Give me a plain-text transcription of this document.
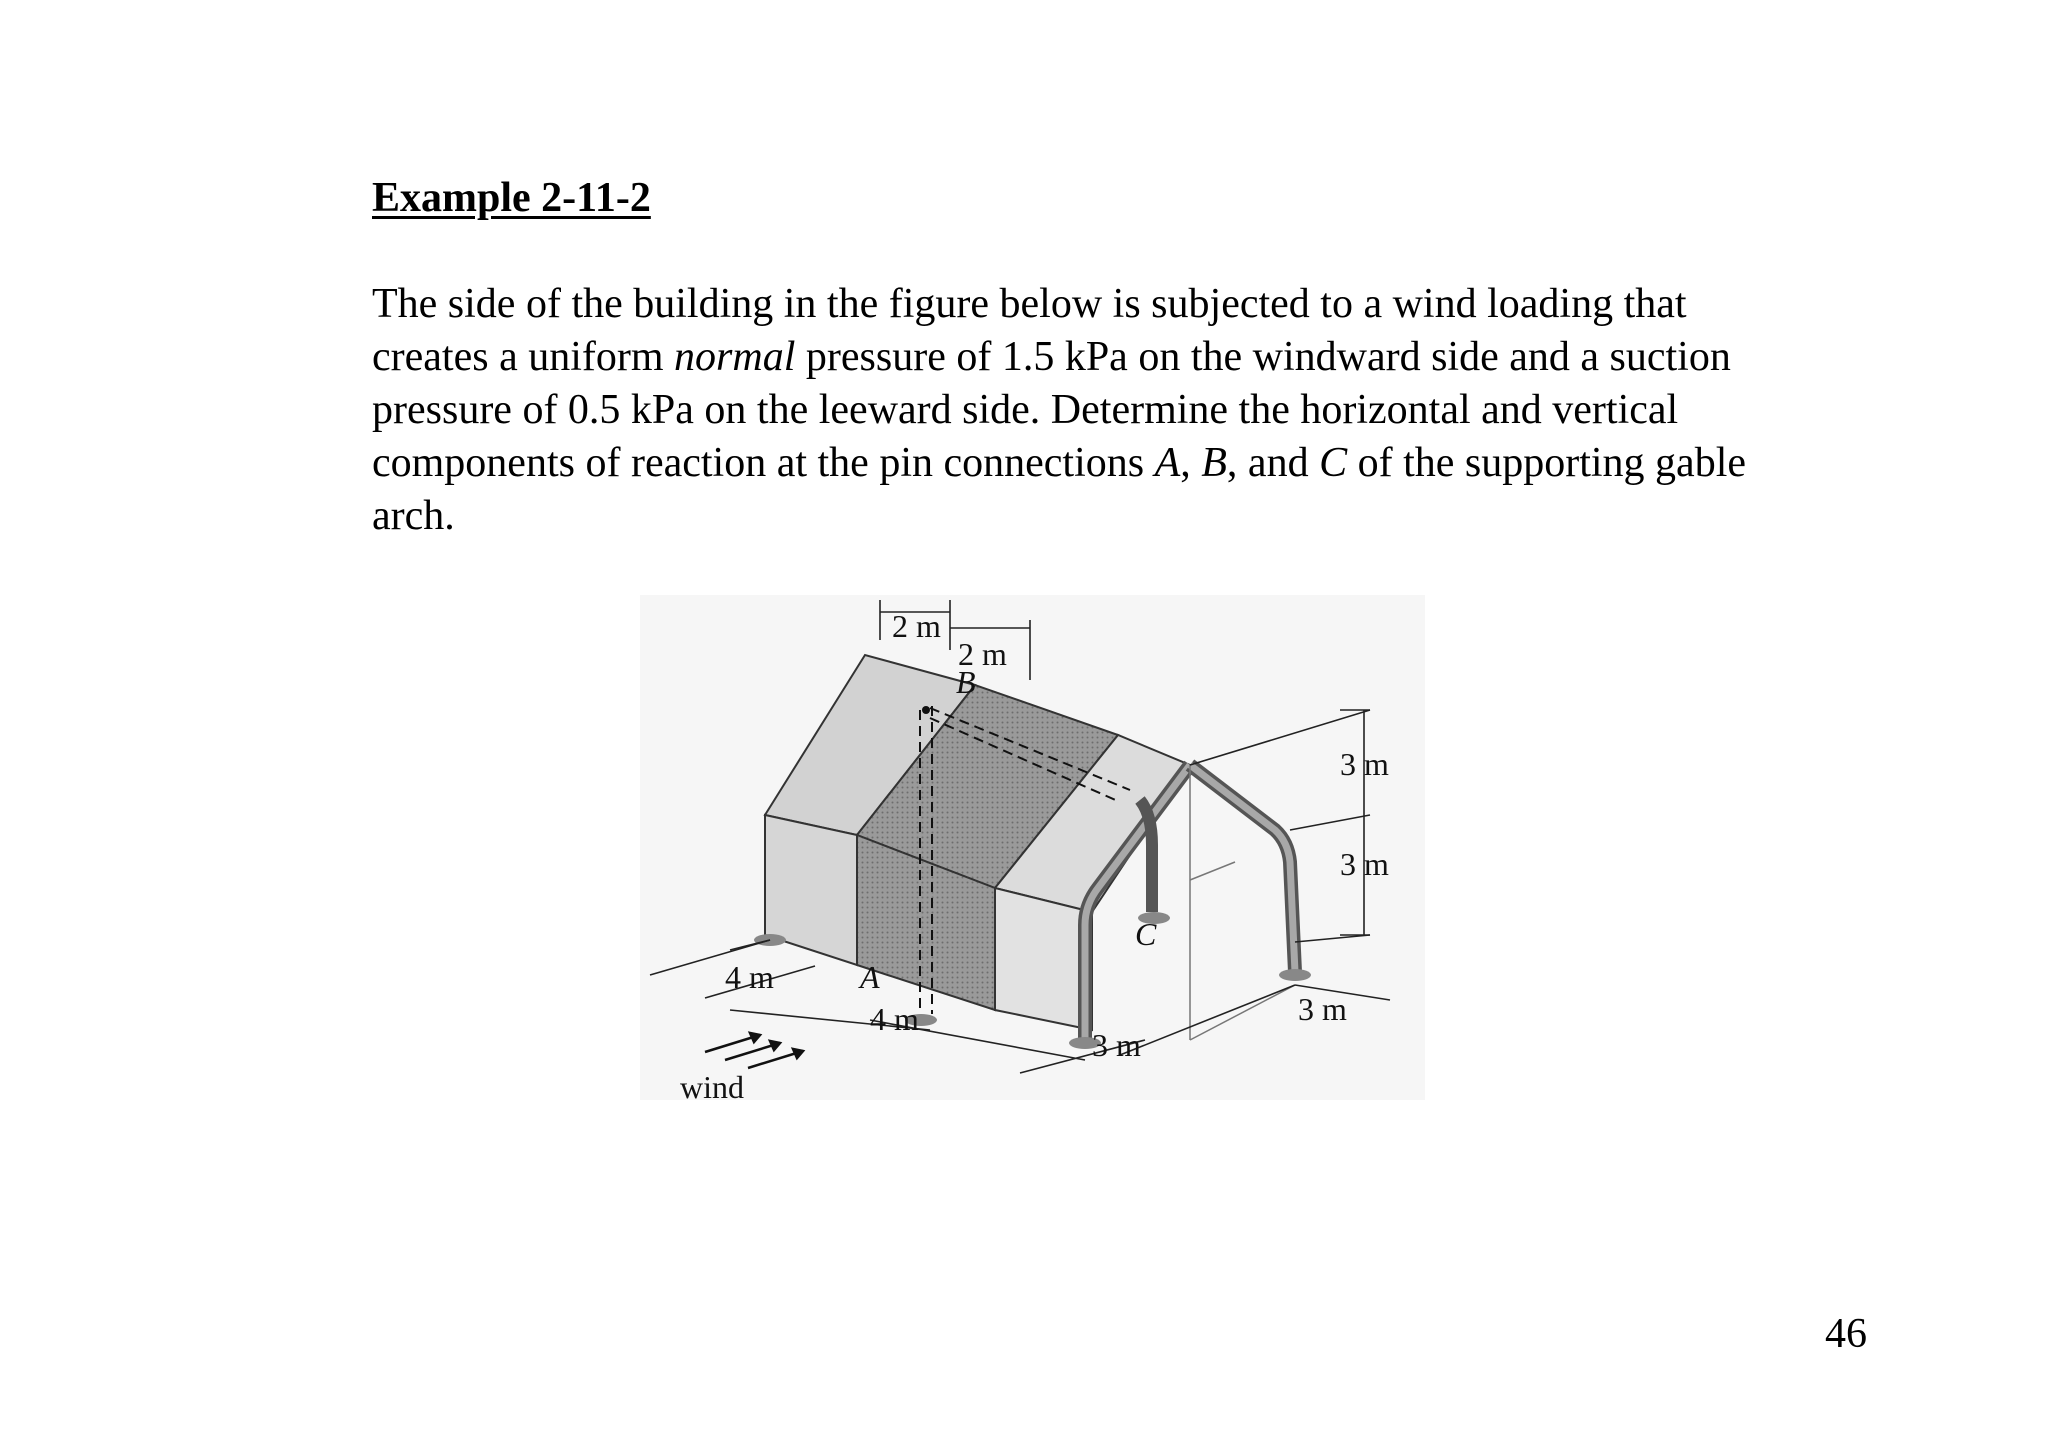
Example 2-11-2

The side of the building in the figure below is subjected to a wind loading that

creates a uniform normal pressure of 1.5 kPa on the windward side and a suction

pressure of 0.5 kPa on the leeward side. Determine the horizontal and vertical

components of reaction at the pin connections A, B, and C of the supporting gable

arch.

2 m
2 m
B
3 m
3 m
C
A
4 m
4 m
3 m
3 m
wind
46
